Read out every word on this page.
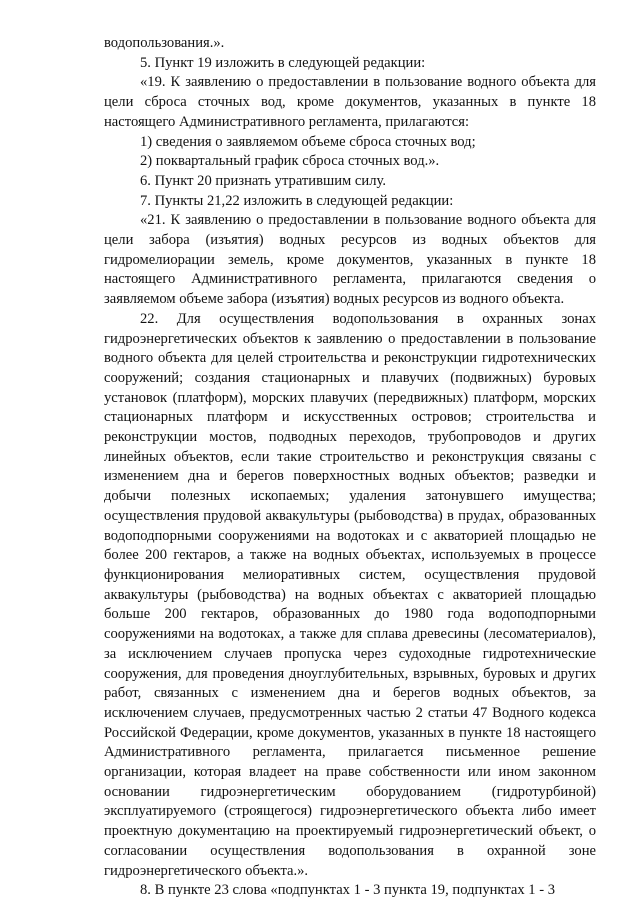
водопользования.».

5. Пункт 19 изложить в следующей редакции:

«19. К заявлению о предоставлении в пользование водного объекта для цели сброса сточных вод, кроме документов, указанных в пункте 18 настоящего Административного регламента, прилагаются:

1) сведения о заявляемом объеме сброса сточных вод;

2) поквартальный график сброса сточных вод.».

6. Пункт 20 признать утратившим силу.

7. Пункты 21,22 изложить в следующей редакции:

«21. К заявлению о предоставлении в пользование водного объекта для цели забора (изъятия) водных ресурсов из водных объектов для гидромелиорации земель, кроме документов, указанных в пункте 18 настоящего Административного регламента, прилагаются сведения о заявляемом объеме забора (изъятия) водных ресурсов из водного объекта.

22. Для осуществления водопользования в охранных зонах гидроэнергетических объектов к заявлению о предоставлении в пользование водного объекта для целей строительства и реконструкции гидротехнических сооружений; создания стационарных и плавучих (подвижных) буровых установок (платформ), морских плавучих (передвижных) платформ, морских стационарных платформ и искусственных островов; строительства и реконструкции мостов, подводных переходов, трубопроводов и других линейных объектов, если такие строительство и реконструкция связаны с изменением дна и берегов поверхностных водных объектов; разведки и добычи полезных ископаемых; удаления затонувшего имущества; осуществления прудовой аквакультуры (рыбоводства) в прудах, образованных водоподпорными сооружениями на водотоках и с акваторией площадью не более 200 гектаров, а также на водных объектах, используемых в процессе функционирования мелиоративных систем, осуществления прудовой аквакультуры (рыбоводства) на водных объектах с акваторией площадью больше 200 гектаров, образованных до 1980 года водоподпорными сооружениями на водотоках, а также для сплава древесины (лесоматериалов), за исключением случаев пропуска через судоходные гидротехнические сооружения, для проведения дноуглубительных, взрывных, буровых и других работ, связанных с изменением дна и берегов водных объектов, за исключением случаев, предусмотренных частью 2 статьи 47 Водного кодекса Российской Федерации, кроме документов, указанных в пункте 18 настоящего Административного регламента, прилагается письменное решение организации, которая владеет на праве собственности или ином законном основании гидроэнергетическим оборудованием (гидротурбиной) эксплуатируемого (строящегося) гидроэнергетического объекта либо имеет проектную документацию на проектируемый гидроэнергетический объект, о согласовании осуществления водопользования в охранной зоне гидроэнергетического объекта.».

8. В пункте 23 слова «подпунктах 1 - 3 пункта 19, подпунктах 1 - 3
